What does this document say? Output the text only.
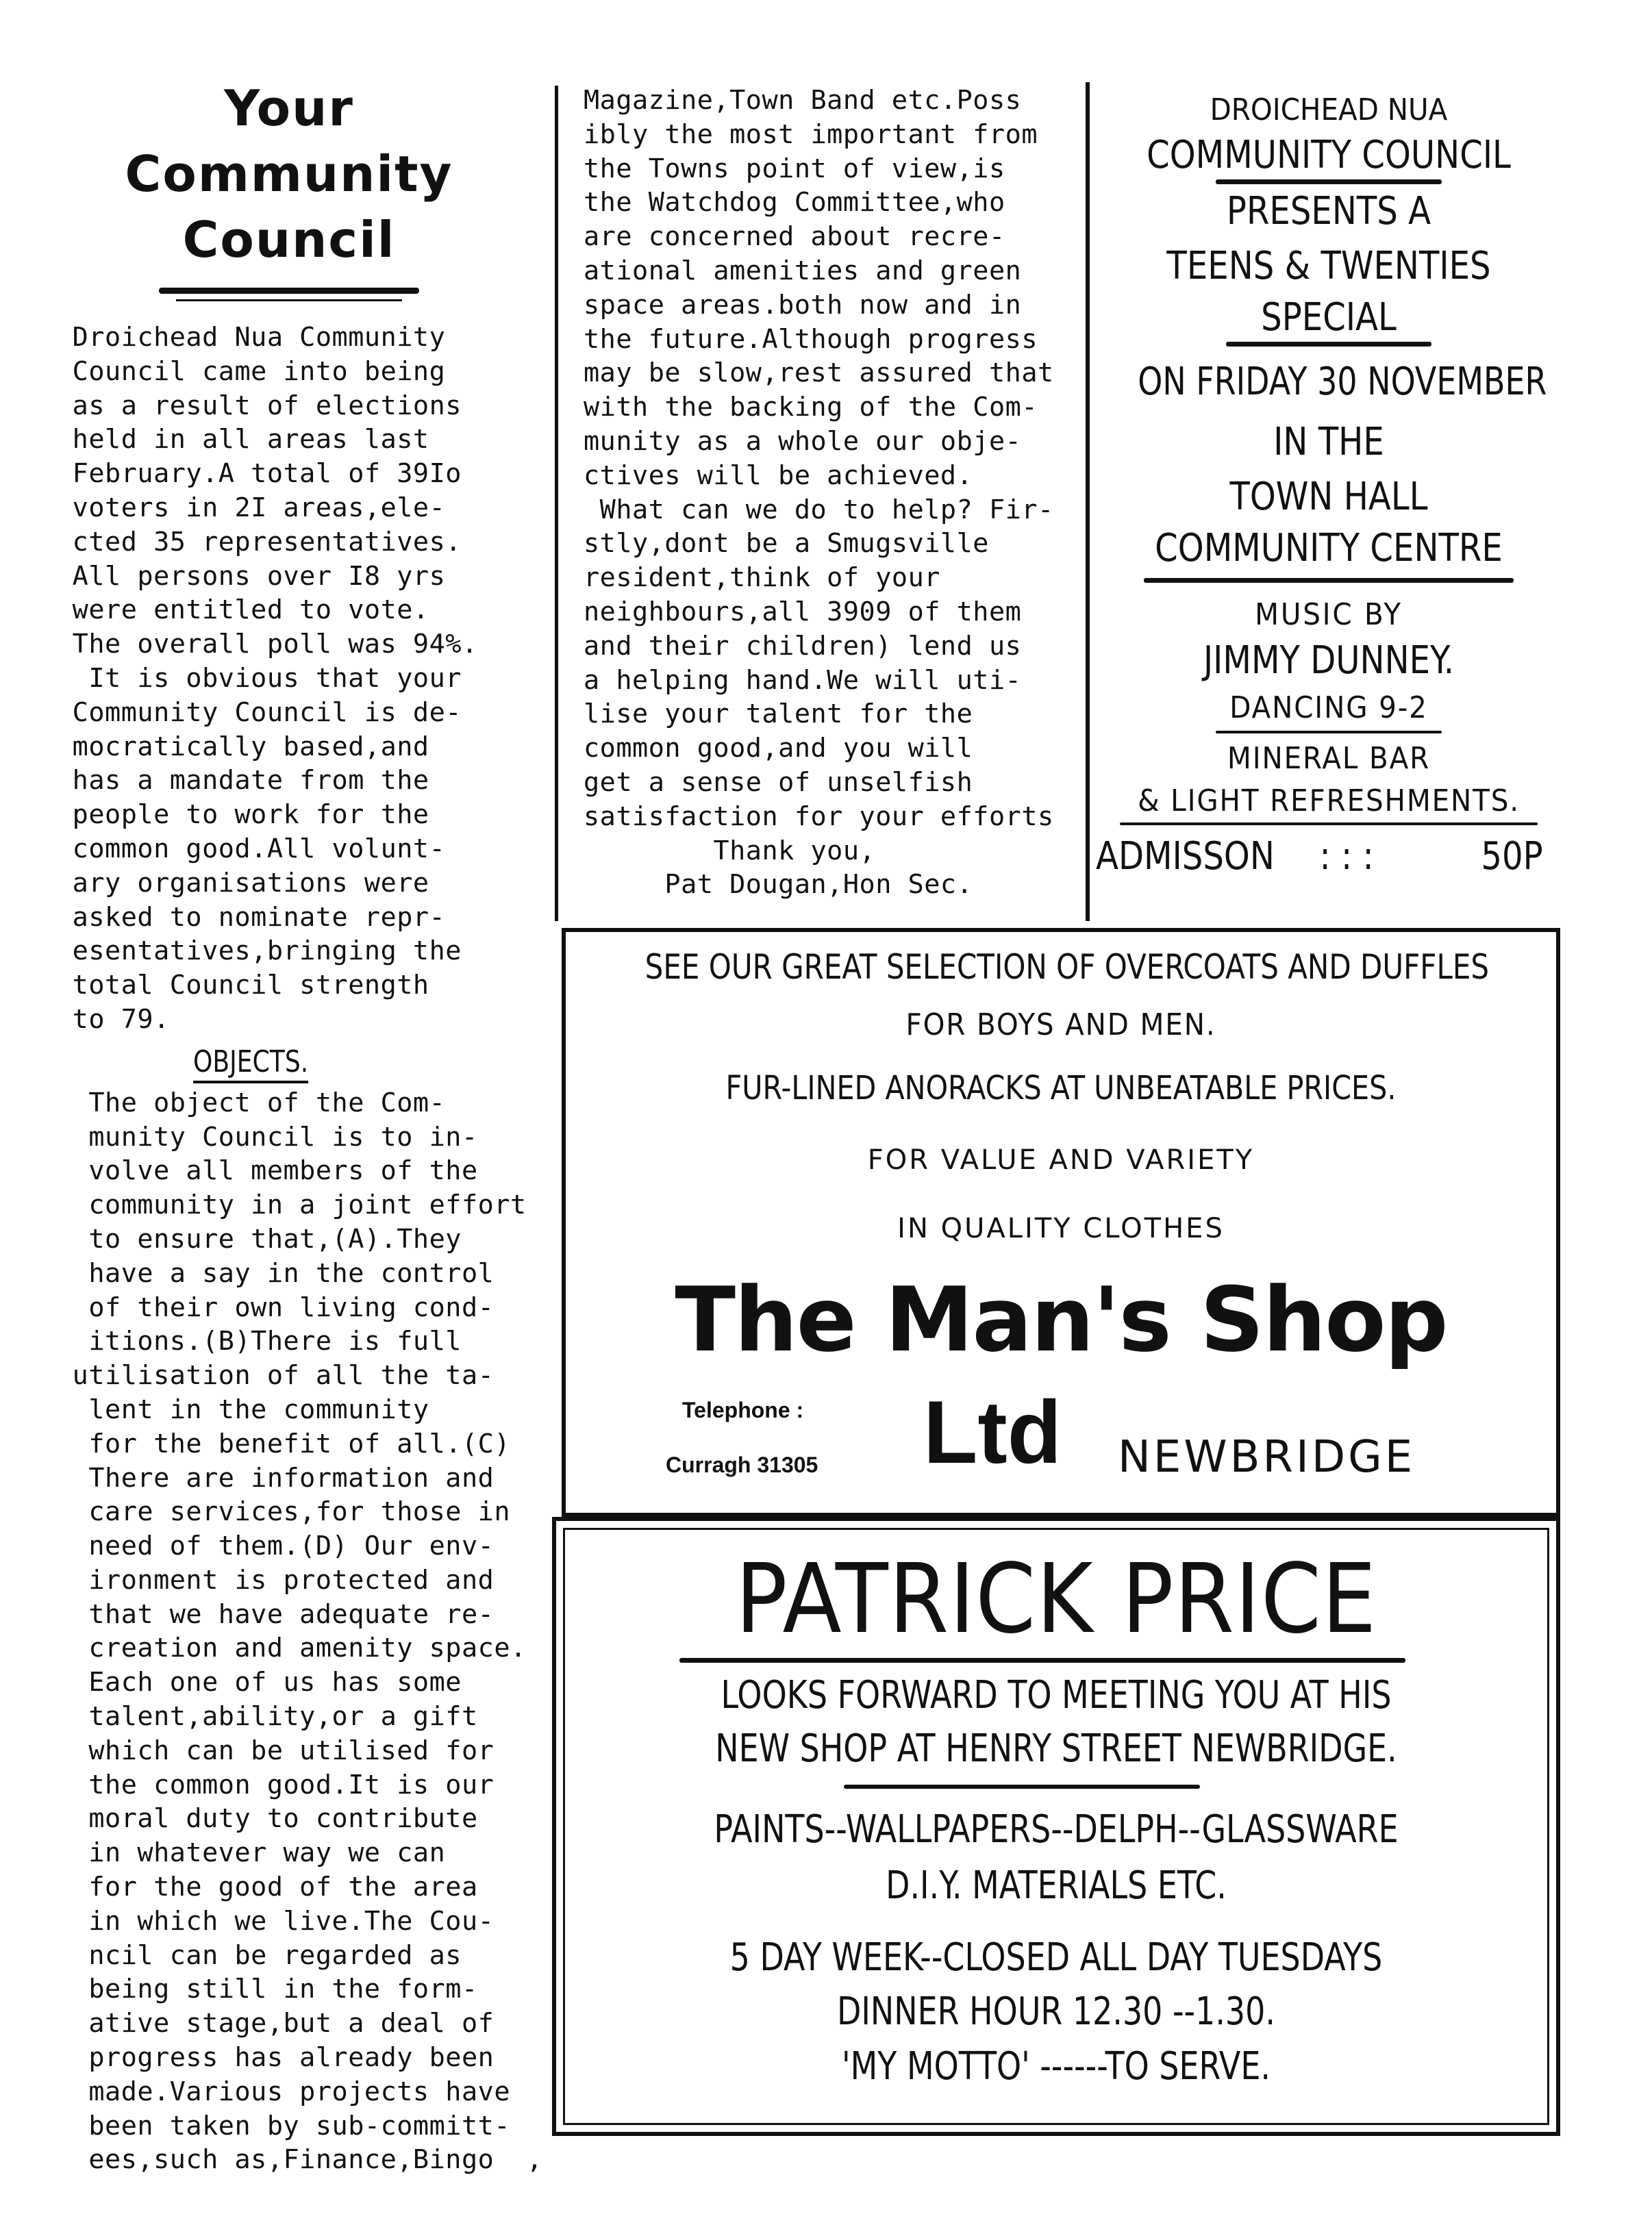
Your Community
Council

Droichead Nua Community

Council came into being

as a result of elections

held in all areas last

February.A total of 39Io

voters in 2I areas,ele-

cted 35 representatives.

All persons over I8 yrs

were entitled to vote.

The overall poll was 94%.

It is obvious that your

Community Council is de-

mocratically based,and

has a mandate from the

people to work for the

common good.All volunt-

ary organisations were

asked to nominate repr-

esentatives,bringing the

total Council strength

to 79.

OBJECTS.

The object of the Com-

munity Council is to in-

volve all members of the

community in a joint effort

to ensure that,(A).They

have a say in the control

of their own living cond-

itions.(B)There is full

utilisation of all the ta-

lent in the community

for the benefit of all.(C)

There are information and

care services,for those in

need of them.(D) Our env-

ironment is protected and

that we have adequate re-

creation and amenity space.

Each one of us has some

talent,ability,or a gift

which can be utilised for

the common good.It is our

moral duty to contribute

in whatever way we can

for the good of the area

in which we live.The Cou-

ncil can be regarded as

being still in the form-

ative stage,but a deal of

progress has already been

made.Various projects have

been taken by sub-committ-

ees,such as,Finance,Bingo  ,

Magazine,Town Band etc.Poss

ibly the most important from

the Towns point of view,is

the Watchdog Committee,who

are concerned about recre-

ational amenities and green

space areas.both now and in

the future.Although progress

may be slow,rest assured that

with the backing of the Com-

munity as a whole our obje-

ctives will be achieved.

What can we do to help? Fir-

stly,dont be a Smugsville

resident,think of your

neighbours,all 3909 of them

and their children) lend us

a helping hand.We will uti-

lise your talent for the

common good,and you will

get a sense of unselfish

satisfaction for your efforts

Thank you,

Pat Dougan,Hon Sec.

DROICHEAD NUA

COMMUNITY COUNCIL

PRESENTS A

TEENS & TWENTIES

SPECIAL

ON FRIDAY 30 NOVEMBER

IN THE

TOWN HALL

COMMUNITY CENTRE

MUSIC BY

JIMMY DUNNEY.

DANCING 9-2

MINERAL BAR

& LIGHT REFRESHMENTS.

ADMISSON : : :	50P

SEE OUR GREAT SELECTION OF OVERCOATS AND DUFFLES

FOR BOYS AND MEN.

FUR-LINED ANORACKS AT UNBEATABLE PRICES.

FOR VALUE AND VARIETY

IN QUALITY CLOTHES

The Man's Shop

Telephone :
Curragh 31305 Ltd NEWBRIDGE

PATRICK PRICE

LOOKS FORWARD TO MEETING YOU AT HIS

NEW SHOP AT HENRY STREET NEWBRIDGE.

PAINTS--WALLPAPERS--DELPH--GLASSWARE

D.I.Y. MATERIALS ETC.

5 DAY WEEK--CLOSED ALL DAY TUESDAYS

DINNER HOUR 12.30 --1.30.

'MY MOTTO' ------TO SERVE.
